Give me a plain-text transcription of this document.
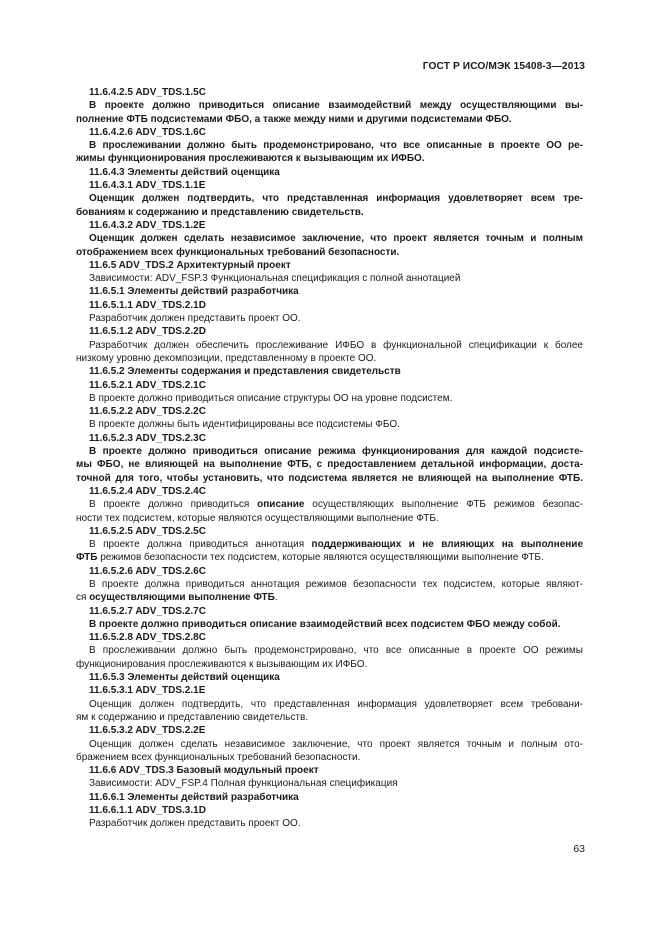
ГОСТ Р ИСО/МЭК 15408-3—2013
11.6.4.2.5 ADV_TDS.1.5C
В проекте должно приводиться описание взаимодействий между осуществляющими вы-
полнение ФТБ подсистемами ФБО, а также между ними и другими подсистемами ФБО.
11.6.4.2.6 ADV_TDS.1.6C
В прослеживании должно быть продемонстрировано, что все описанные в проекте ОО ре-
жимы функционирования прослеживаются к вызывающим их ИФБО.
11.6.4.3 Элементы действий оценщика
11.6.4.3.1 ADV_TDS.1.1E
Оценщик должен подтвердить, что представленная информация удовлетворяет всем тре-
бованиям к содержанию и представлению свидетельств.
11.6.4.3.2 ADV_TDS.1.2E
Оценщик должен сделать независимое заключение, что проект является точным и полным
отображением всех функциональных требований безопасности.
11.6.5 ADV_TDS.2 Архитектурный проект
Зависимости: ADV_FSP.3 Функциональная спецификация с полной аннотацией
11.6.5.1 Элементы действий разработчика
11.6.5.1.1 ADV_TDS.2.1D
Разработчик должен представить проект ОО.
11.6.5.1.2 ADV_TDS.2.2D
Разработчик должен обеспечить прослеживание ИФБО в функциональной спецификации к более
низкому уровню декомпозиции, представленному в проекте ОО.
11.6.5.2 Элементы содержания и представления свидетельств
11.6.5.2.1 ADV_TDS.2.1C
В проекте должно приводиться описание структуры ОО на уровне подсистем.
11.6.5.2.2 ADV_TDS.2.2C
В проекте должны быть идентифицированы все подсистемы ФБО.
11.6.5.2.3 ADV_TDS.2.3C
В проекте должно приводиться описание режима функционирования для каждой подсисте-
мы ФБО, не влияющей на выполнение ФТБ, с предоставлением детальной информации, доста-
точной для того, чтобы установить, что подсистема является не влияющей на выполнение ФТБ.
11.6.5.2.4 ADV_TDS.2.4C
В проекте должно приводиться описание осуществляющих выполнение ФТБ режимов безопас-
ности тех подсистем, которые являются осуществляющими выполнение ФТБ.
11.6.5.2.5 ADV_TDS.2.5C
В проекте должна приводиться аннотация поддерживающих и не влияющих на выполнение
ФТБ режимов безопасности тех подсистем, которые являются осуществляющими выполнение ФТБ.
11.6.5.2.6 ADV_TDS.2.6C
В проекте должна приводиться аннотация режимов безопасности тех подсистем, которые являют-
ся осуществляющими выполнение ФТБ.
11.6.5.2.7 ADV_TDS.2.7C
В проекте должно приводиться описание взаимодействий всех подсистем ФБО между собой.
11.6.5.2.8 ADV_TDS.2.8C
В прослеживании должно быть продемонстрировано, что все описанные в проекте ОО режимы
функционирования прослеживаются к вызывающим их ИФБО.
11.6.5.3 Элементы действий оценщика
11.6.5.3.1 ADV_TDS.2.1E
Оценщик должен подтвердить, что представленная информация удовлетворяет всем требовани-
ям к содержанию и представлению свидетельств.
11.6.5.3.2 ADV_TDS.2.2E
Оценщик должен сделать независимое заключение, что проект является точным и полным ото-
бражением всех функциональных требований безопасности.
11.6.6 ADV_TDS.3 Базовый модульный проект
Зависимости: ADV_FSP.4 Полная функциональная спецификация
11.6.6.1 Элементы действий разработчика
11.6.6.1.1 ADV_TDS.3.1D
Разработчик должен представить проект ОО.
63
